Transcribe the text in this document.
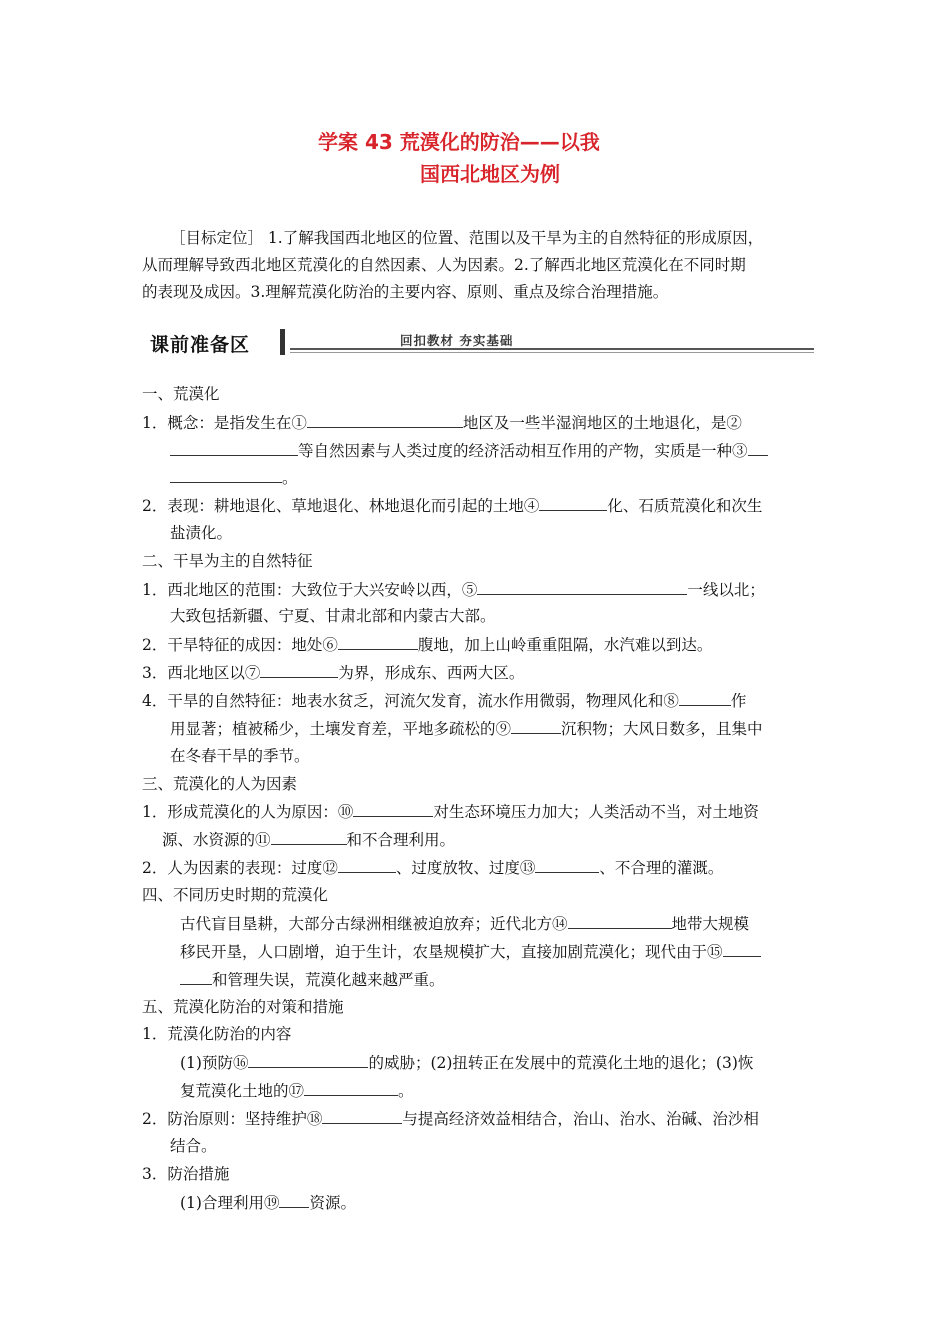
学案 43 荒漠化的防治——以我
国西北地区为例
［目标定位］ 1.了解我国西北地区的位置、范围以及干旱为主的自然特征的形成原因，
从而理解导致西北地区荒漠化的自然因素、人为因素。2.了解西北地区荒漠化在不同时期
的表现及成因。3.理解荒漠化防治的主要内容、原则、重点及综合治理措施。
课前准备区	回扣教材 夯实基础
一、荒漠化
1．概念：是指发生在①	地区及一些半湿润地区的土地退化，是②
等自然因素与人类过度的经济活动相互作用的产物，实质是一种③
。
2．表现：耕地退化、草地退化、林地退化而引起的土地④	化、石质荒漠化和次生
盐渍化。
二、干旱为主的自然特征
1．西北地区的范围：大致位于大兴安岭以西，⑤	一线以北；
大致包括新疆、宁夏、甘肃北部和内蒙古大部。
2．干旱特征的成因：地处⑥	腹地，加上山岭重重阻隔，水汽难以到达。
3．西北地区以⑦	为界，形成东、西两大区。
4．干旱的自然特征：地表水贫乏，河流欠发育，流水作用微弱，物理风化和⑧	作
用显著；植被稀少，土壤发育差，平地多疏松的⑨	沉积物；大风日数多，且集中
在冬春干旱的季节。
三、荒漠化的人为因素
1．形成荒漠化的人为原因：⑩	对生态环境压力加大；人类活动不当，对土地资
源、水资源的⑪	和不合理利用。
2．人为因素的表现：过度⑫	、过度放牧、过度⑬	、不合理的灌溉。
四、不同历史时期的荒漠化
古代盲目垦耕，大部分古绿洲相继被迫放弃；近代北方⑭	地带大规模
移民开垦，人口剧增，迫于生计，农垦规模扩大，直接加剧荒漠化；现代由于⑮
和管理失误，荒漠化越来越严重。
五、荒漠化防治的对策和措施
1．荒漠化防治的内容
(1)预防⑯	的威胁；(2)扭转正在发展中的荒漠化土地的退化；(3)恢
复荒漠化土地的⑰	。
2．防治原则：坚持维护⑱	与提高经济效益相结合，治山、治水、治碱、治沙相
结合。
3．防治措施
(1)合理利用⑲ 资源。
